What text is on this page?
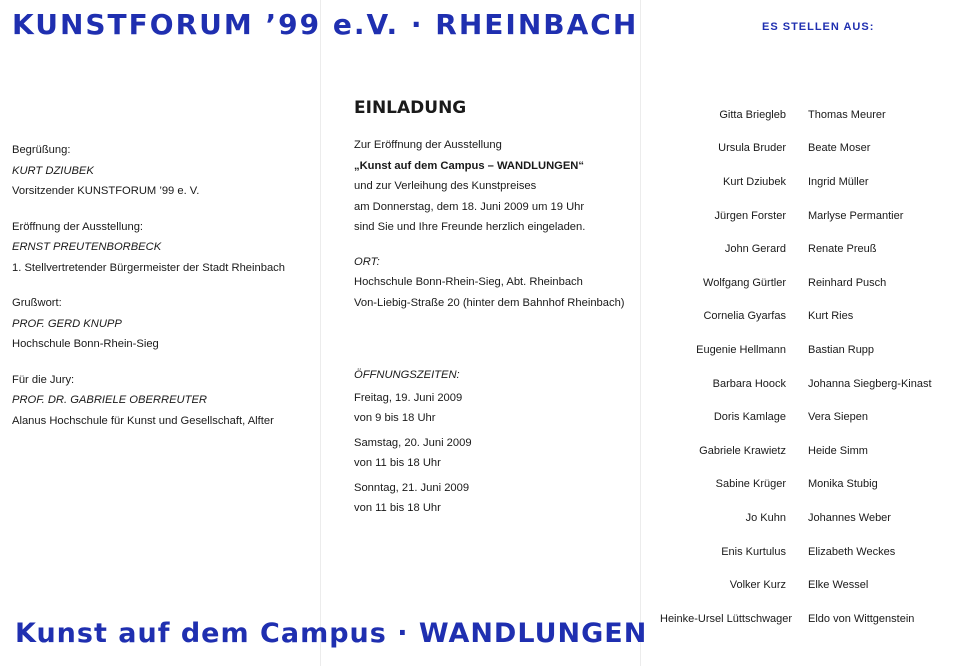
KUNSTFORUM ’99 e.V. · RHEINBACH	ES STELLEN AUS:
Begrüßung:
KURT DZIUBEK
Vorsitzender KUNSTFORUM ’99 e. V.
Eröffnung der Ausstellung:
ERNST PREUTENBORBECK
1. Stellvertretender Bürgermeister der Stadt Rheinbach
Grußwort:
PROF. GERD KNUPP
Hochschule Bonn-Rhein-Sieg
Für die Jury:
PROF. DR. GABRIELE OBERREUTER
Alanus Hochschule für Kunst und Gesellschaft, Alfter
EINLADUNG
Zur Eröffnung der Ausstellung
„Kunst auf dem Campus – WANDLUNGEN“
und zur Verleihung des Kunstpreises
am Donnerstag, dem 18. Juni 2009 um 19 Uhr
sind Sie und Ihre Freunde herzlich eingeladen.
ORT:
Hochschule Bonn-Rhein-Sieg, Abt. Rheinbach
Von-Liebig-Straße 20 (hinter dem Bahnhof Rheinbach)
ÖFFNUNGSZEITEN:
Freitag, 19. Juni 2009
von 9 bis 18 Uhr
Samstag, 20. Juni 2009
von 11 bis 18 Uhr
Sonntag, 21. Juni 2009
von 11 bis 18 Uhr
Gitta Briegleb	Thomas Meurer
Ursula Bruder	Beate Moser
Kurt Dziubek	Ingrid Müller
Jürgen Forster	Marlyse Permantier
John Gerard	Renate Preuß
Wolfgang Gürtler	Reinhard Pusch
Cornelia Gyarfas	Kurt Ries
Eugenie Hellmann	Bastian Rupp
Barbara Hoock	Johanna Siegberg-Kinast
Doris Kamlage	Vera Siepen
Gabriele Krawietz	Heide Simm
Sabine Krüger	Monika Stubig
Jo Kuhn	Johannes Weber
Enis Kurtulus	Elizabeth Weckes
Volker Kurz	Elke Wessel
Heinke-Ursel Lüttschwager	Eldo von Wittgenstein
Kunst auf dem Campus · WANDLUNGEN
